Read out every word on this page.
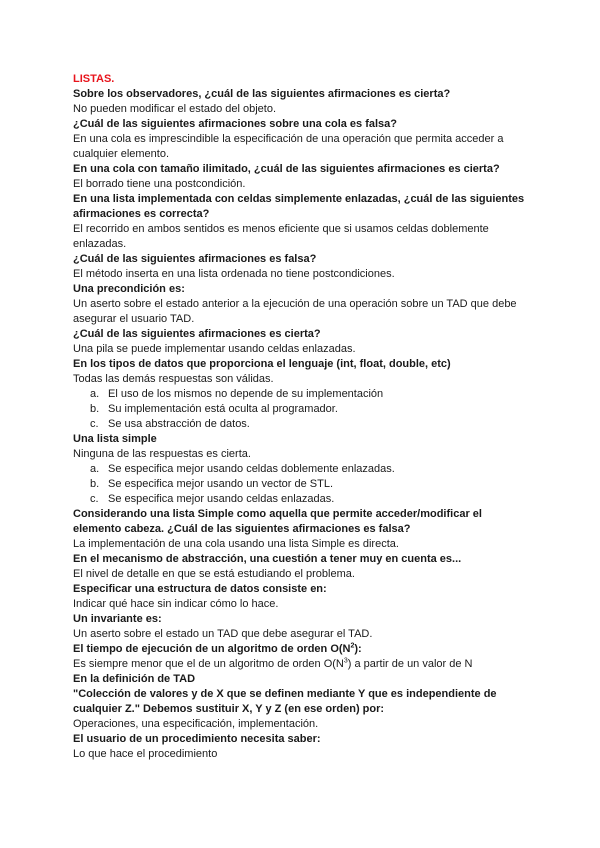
LISTAS.
Sobre los observadores, ¿cuál de las siguientes afirmaciones es cierta?
No pueden modificar el estado del objeto.
¿Cuál de las siguientes afirmaciones sobre una cola es falsa?
En una cola es imprescindible la especificación de una operación que permita acceder a cualquier elemento.
En una cola con tamaño ilimitado, ¿cuál de las siguientes afirmaciones es cierta?
El borrado tiene una postcondición.
En una lista implementada con celdas simplemente enlazadas, ¿cuál de las siguientes afirmaciones es correcta?
El recorrido en ambos sentidos es menos eficiente que si usamos celdas doblemente enlazadas.
¿Cuál de las siguientes afirmaciones es falsa?
El método inserta en una lista ordenada no tiene postcondiciones.
Una precondición es:
Un aserto sobre el estado anterior a la ejecución de una operación sobre un TAD que debe asegurar el usuario TAD.
¿Cuál de las siguientes afirmaciones es cierta?
Una pila se puede implementar usando celdas enlazadas.
En los tipos de datos que proporciona el lenguaje (int, float, double, etc)
Todas las demás respuestas son válidas.
a. El uso de los mismos no depende de su implementación
b. Su implementación está oculta al programador.
c. Se usa abstracción de datos.
Una lista simple
Ninguna de las respuestas es cierta.
a. Se especifica mejor usando celdas doblemente enlazadas.
b. Se especifica mejor usando un vector de STL.
c. Se especifica mejor usando celdas enlazadas.
Considerando una lista Simple como aquella que permite acceder/modificar el elemento cabeza. ¿Cuál de las siguientes afirmaciones es falsa?
La implementación de una cola usando una lista Simple es directa.
En el mecanismo de abstracción, una cuestión a tener muy en cuenta es...
El nivel de detalle en que se está estudiando el problema.
Especificar una estructura de datos consiste en:
Indicar qué hace sin indicar cómo lo hace.
Un invariante es:
Un aserto sobre el estado un TAD que debe asegurar el TAD.
El tiempo de ejecución de un algoritmo de orden $O(N^2)$:
Es siempre menor que el de un algoritmo de orden $O(N^3)$ a partir de un valor de N
En la definición de TAD
"Colección de valores y de X que se definen mediante Y que es independiente de cualquier Z." Debemos sustituir X, Y y Z (en ese orden) por:
Operaciones, una especificación, implementación.
El usuario de un procedimiento necesita saber:
Lo que hace el procedimiento
